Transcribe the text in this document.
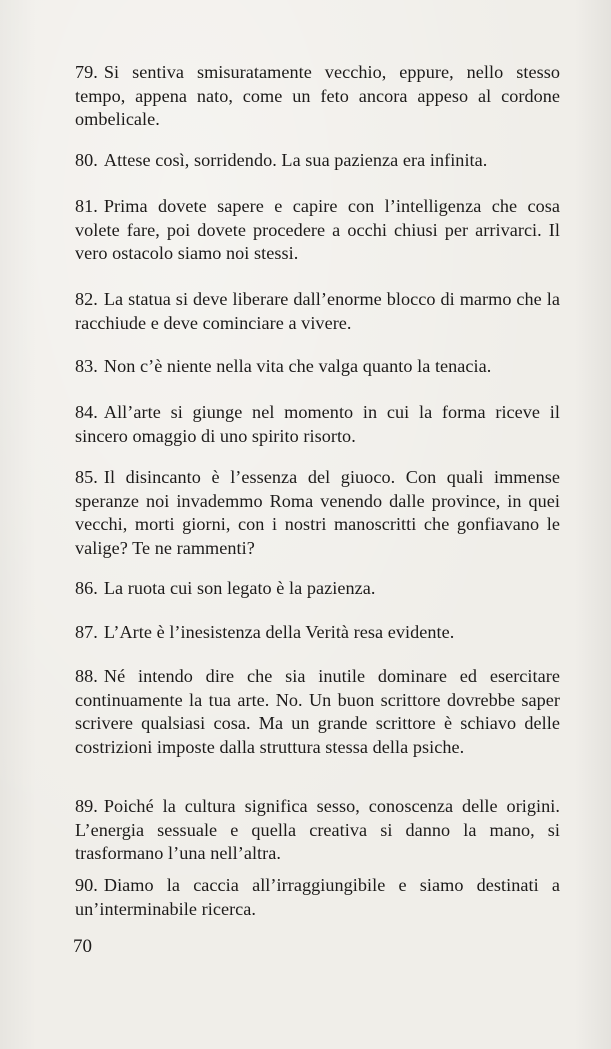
79. Si sentiva smisuratamente vecchio, eppure, nello stesso tempo, appena nato, come un feto ancora appeso al cordone ombelicale.

80. Attese così, sorridendo. La sua pazienza era infinita.

81. Prima dovete sapere e capire con l’intelligenza che cosa volete fare, poi dovete procedere a occhi chiusi per arrivarci. Il vero ostacolo siamo noi stessi.

82. La statua si deve liberare dall’enorme blocco di marmo che la racchiude e deve cominciare a vivere.

83. Non c’è niente nella vita che valga quanto la tenacia.

84. All’arte si giunge nel momento in cui la forma riceve il sincero omaggio di uno spirito risorto.

85. Il disincanto è l’essenza del giuoco. Con quali immense speranze noi invademmo Roma venendo dalle province, in quei vecchi, morti giorni, con i nostri manoscritti che gonfiavano le valige? Te ne rammenti?

86. La ruota cui son legato è la pazienza.

87. L’Arte è l’inesistenza della Verità resa evidente.

88. Né intendo dire che sia inutile dominare ed esercitare continuamente la tua arte. No. Un buon scrittore dovrebbe saper scrivere qualsiasi cosa. Ma un grande scrittore è schiavo delle costrizioni imposte dalla struttura stessa della psiche.

89. Poiché la cultura significa sesso, conoscenza delle origini. L’energia sessuale e quella creativa si danno la mano, si trasformano l’una nell’altra.

90. Diamo la caccia all’irraggiungibile e siamo destinati a un’interminabile ricerca.

70
